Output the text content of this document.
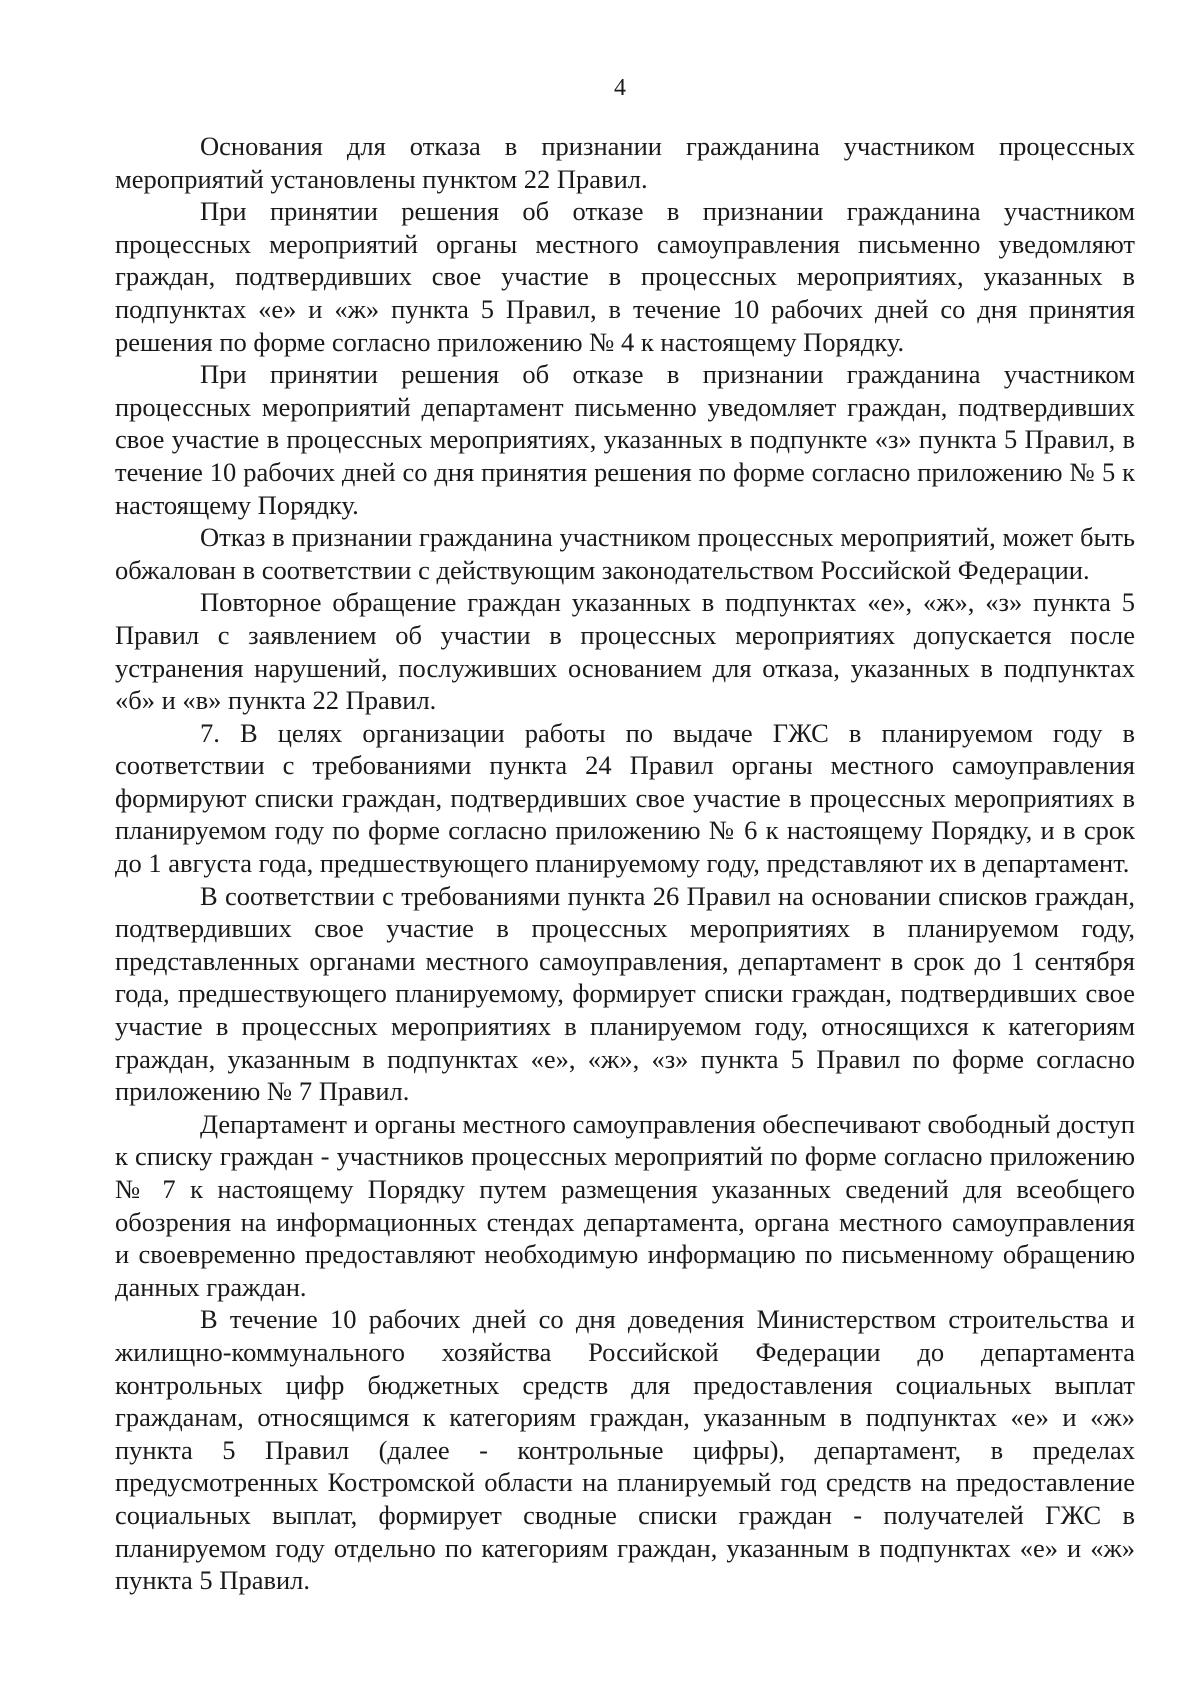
4

Основания для отказа в признании гражданина участником процессных мероприятий установлены пунктом 22 Правил.

При принятии решения об отказе в признании гражданина участником процессных мероприятий органы местного самоуправления письменно уведомляют граждан, подтвердивших свое участие в процессных мероприятиях, указанных в подпунктах «е» и «ж» пункта 5 Правил, в течение 10 рабочих дней со дня принятия решения по форме согласно приложению № 4 к настоящему Порядку.

При принятии решения об отказе в признании гражданина участником процессных мероприятий департамент письменно уведомляет граждан, подтвердивших свое участие в процессных мероприятиях, указанных в подпункте «з» пункта 5 Правил, в течение 10 рабочих дней со дня принятия решения по форме согласно приложению № 5 к настоящему Порядку.

Отказ в признании гражданина участником процессных мероприятий, может быть обжалован в соответствии с действующим законодательством Российской Федерации.

Повторное обращение граждан указанных в подпунктах «е», «ж», «з» пункта 5 Правил с заявлением об участии в процессных мероприятиях допускается после устранения нарушений, послуживших основанием для отказа, указанных в подпунктах «б» и «в» пункта 22 Правил.

7. В целях организации работы по выдаче ГЖС в планируемом году в соответствии с требованиями пункта 24 Правил органы местного самоуправления формируют списки граждан, подтвердивших свое участие в процессных мероприятиях в планируемом году по форме согласно приложению № 6 к настоящему Порядку, и в срок до 1 августа года, предшествующего планируемому году, представляют их в департамент.

В соответствии с требованиями пункта 26 Правил на основании списков граждан, подтвердивших свое участие в процессных мероприятиях в планируемом году, представленных органами местного самоуправления, департамент в срок до 1 сентября года, предшествующего планируемому, формирует списки граждан, подтвердивших свое участие в процессных мероприятиях в планируемом году, относящихся к категориям граждан, указанным в подпунктах «е», «ж», «з» пункта 5 Правил по форме согласно приложению № 7 Правил.

Департамент и органы местного самоуправления обеспечивают свободный доступ к списку граждан - участников процессных мероприятий по форме согласно приложению № 7 к настоящему Порядку путем размещения указанных сведений для всеобщего обозрения на информационных стендах департамента, органа местного самоуправления и своевременно предоставляют необходимую информацию по письменному обращению данных граждан.

В течение 10 рабочих дней со дня доведения Министерством строительства и жилищно-коммунального хозяйства Российской Федерации до департамента контрольных цифр бюджетных средств для предоставления социальных выплат гражданам, относящимся к категориям граждан, указанным в подпунктах «е» и «ж» пункта 5 Правил (далее - контрольные цифры), департамент, в пределах предусмотренных Костромской области на планируемый год средств на предоставление социальных выплат, формирует сводные списки граждан - получателей ГЖС в планируемом году отдельно по категориям граждан, указанным в подпунктах «е» и «ж» пункта 5 Правил.
